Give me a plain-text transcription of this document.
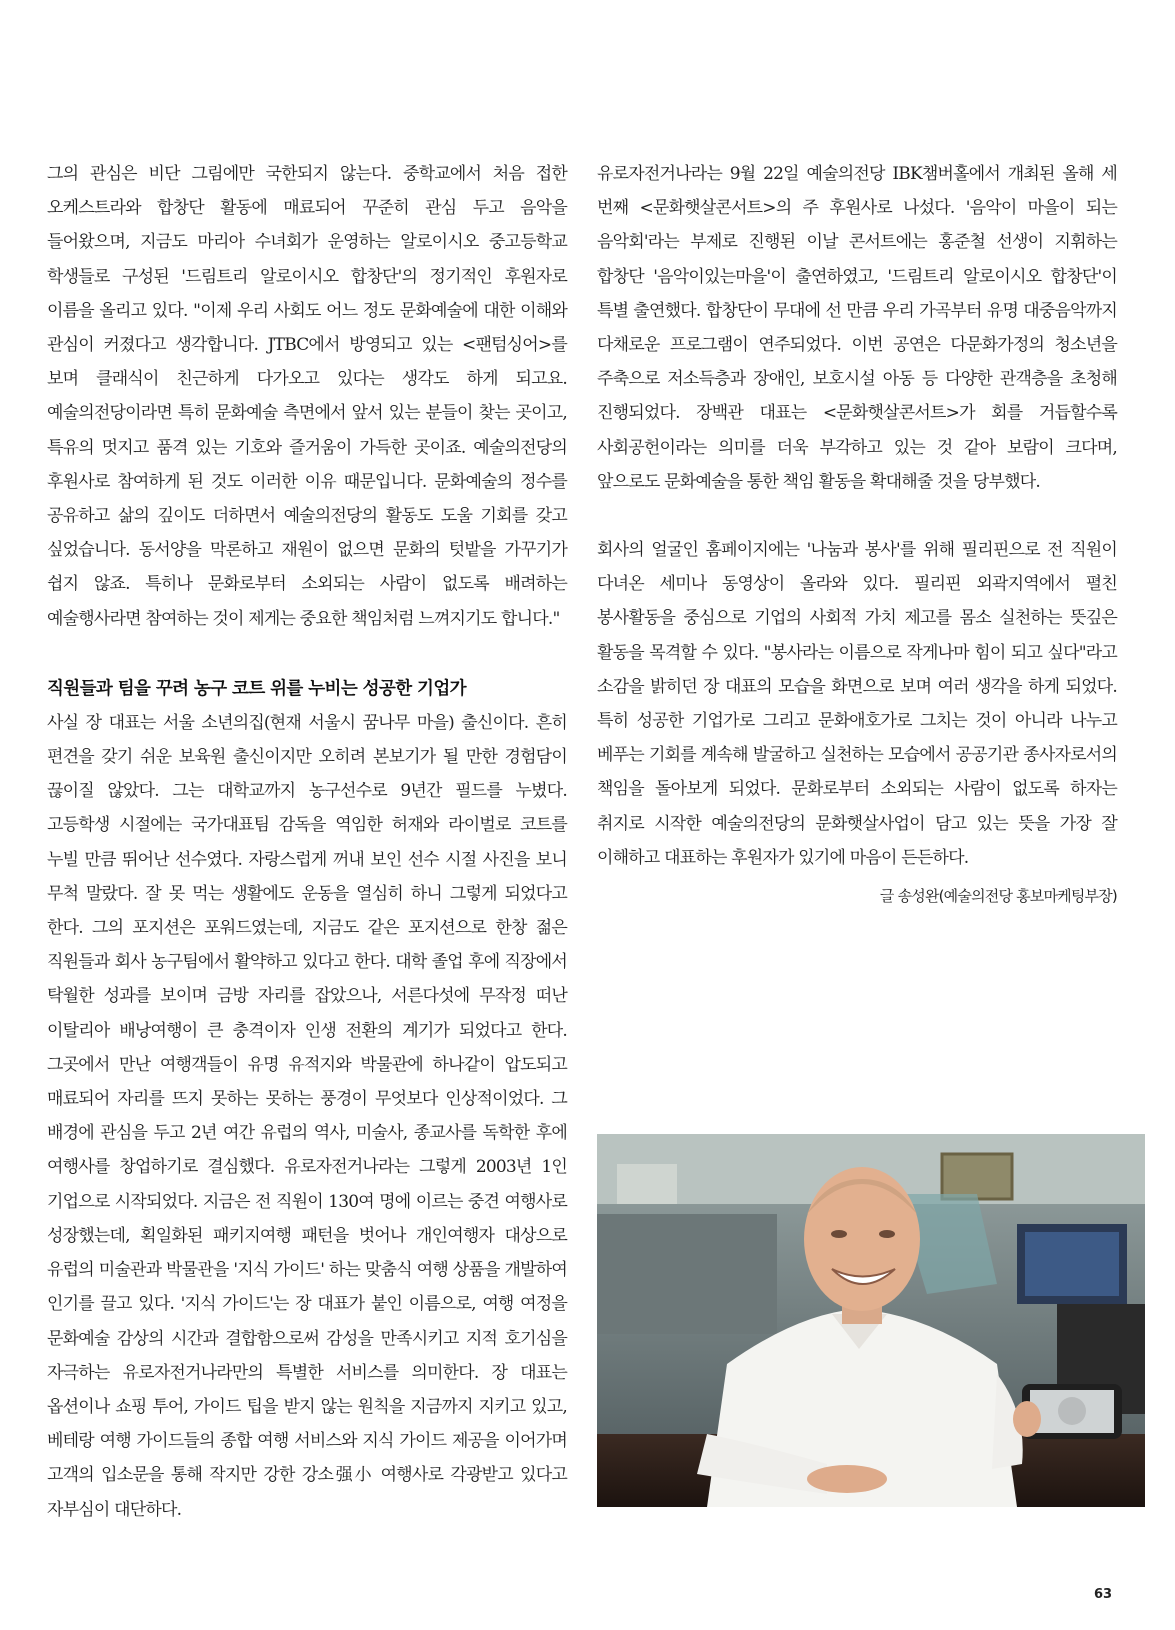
그의 관심은 비단 그림에만 국한되지 않는다. 중학교에서 처음 접한 오케스트라와 합창단 활동에 매료되어 꾸준히 관심 두고 음악을 들어왔으며, 지금도 마리아 수녀회가 운영하는 알로이시오 중고등학교 학생들로 구성된 '드림트리 알로이시오 합창단'의 정기적인 후원자로 이름을 올리고 있다. "이제 우리 사회도 어느 정도 문화예술에 대한 이해와 관심이 커졌다고 생각합니다. JTBC에서 방영되고 있는 <팬텀싱어>를 보며 클래식이 친근하게 다가오고 있다는 생각도 하게 되고요. 예술의전당이라면 특히 문화예술 측면에서 앞서 있는 분들이 찾는 곳이고, 특유의 멋지고 품격 있는 기호와 즐거움이 가득한 곳이죠. 예술의전당의 후원사로 참여하게 된 것도 이러한 이유 때문입니다. 문화예술의 정수를 공유하고 삶의 깊이도 더하면서 예술의전당의 활동도 도울 기회를 갖고 싶었습니다. 동서양을 막론하고 재원이 없으면 문화의 텃밭을 가꾸기가 쉽지 않죠. 특히나 문화로부터 소외되는 사람이 없도록 배려하는 예술행사라면 참여하는 것이 제게는 중요한 책임처럼 느껴지기도 합니다."

직원들과 팀을 꾸려 농구 코트 위를 누비는 성공한 기업가

사실 장 대표는 서울 소년의집(현재 서울시 꿈나무 마을) 출신이다. 흔히 편견을 갖기 쉬운 보육원 출신이지만 오히려 본보기가 될 만한 경험담이 끊이질 않았다. 그는 대학교까지 농구선수로 9년간 필드를 누볐다. 고등학생 시절에는 국가대표팀 감독을 역임한 허재와 라이벌로 코트를 누빌 만큼 뛰어난 선수였다. 자랑스럽게 꺼내 보인 선수 시절 사진을 보니 무척 말랐다. 잘 못 먹는 생활에도 운동을 열심히 하니 그렇게 되었다고 한다. 그의 포지션은 포워드였는데, 지금도 같은 포지션으로 한창 젊은 직원들과 회사 농구팀에서 활약하고 있다고 한다. 대학 졸업 후에 직장에서 탁월한 성과를 보이며 금방 자리를 잡았으나, 서른다섯에 무작정 떠난 이탈리아 배낭여행이 큰 충격이자 인생 전환의 계기가 되었다고 한다. 그곳에서 만난 여행객들이 유명 유적지와 박물관에 하나같이 압도되고 매료되어 자리를 뜨지 못하는 못하는 풍경이 무엇보다 인상적이었다. 그 배경에 관심을 두고 2년 여간 유럽의 역사, 미술사, 종교사를 독학한 후에 여행사를 창업하기로 결심했다. 유로자전거나라는 그렇게 2003년 1인 기업으로 시작되었다. 지금은 전 직원이 130여 명에 이르는 중견 여행사로 성장했는데, 획일화된 패키지여행 패턴을 벗어나 개인여행자 대상으로 유럽의 미술관과 박물관을 '지식 가이드' 하는 맞춤식 여행 상품을 개발하여 인기를 끌고 있다. '지식 가이드'는 장 대표가 붙인 이름으로, 여행 여정을 문화예술 감상의 시간과 결합함으로써 감성을 만족시키고 지적 호기심을 자극하는 유로자전거나라만의 특별한 서비스를 의미한다. 장 대표는 옵션이나 쇼핑 투어, 가이드 팁을 받지 않는 원칙을 지금까지 지키고 있고, 베테랑 여행 가이드들의 종합 여행 서비스와 지식 가이드 제공을 이어가며 고객의 입소문을 통해 작지만 강한 강소强小 여행사로 각광받고 있다고 자부심이 대단하다.

유로자전거나라는 9월 22일 예술의전당 IBK챔버홀에서 개최된 올해 세 번째 <문화햇살콘서트>의 주 후원사로 나섰다. '음악이 마을이 되는 음악회'라는 부제로 진행된 이날 콘서트에는 홍준철 선생이 지휘하는 합창단 '음악이있는마을'이 출연하였고, '드림트리 알로이시오 합창단'이 특별 출연했다. 합창단이 무대에 선 만큼 우리 가곡부터 유명 대중음악까지 다채로운 프로그램이 연주되었다. 이번 공연은 다문화가정의 청소년을 주축으로 저소득층과 장애인, 보호시설 아동 등 다양한 관객층을 초청해 진행되었다. 장백관 대표는 <문화햇살콘서트>가 회를 거듭할수록 사회공헌이라는 의미를 더욱 부각하고 있는 것 같아 보람이 크다며, 앞으로도 문화예술을 통한 책임 활동을 확대해줄 것을 당부했다.

회사의 얼굴인 홈페이지에는 '나눔과 봉사'를 위해 필리핀으로 전 직원이 다녀온 세미나 동영상이 올라와 있다. 필리핀 외곽지역에서 펼친 봉사활동을 중심으로 기업의 사회적 가치 제고를 몸소 실천하는 뜻깊은 활동을 목격할 수 있다. "봉사라는 이름으로 작게나마 힘이 되고 싶다"라고 소감을 밝히던 장 대표의 모습을 화면으로 보며 여러 생각을 하게 되었다. 특히 성공한 기업가로 그리고 문화애호가로 그치는 것이 아니라 나누고 베푸는 기회를 계속해 발굴하고 실천하는 모습에서 공공기관 종사자로서의 책임을 돌아보게 되었다. 문화로부터 소외되는 사람이 없도록 하자는 취지로 시작한 예술의전당의 문화햇살사업이 담고 있는 뜻을 가장 잘 이해하고 대표하는 후원자가 있기에 마음이 든든하다.

글 송성완(예술의전당 홍보마케팅부장)

63
